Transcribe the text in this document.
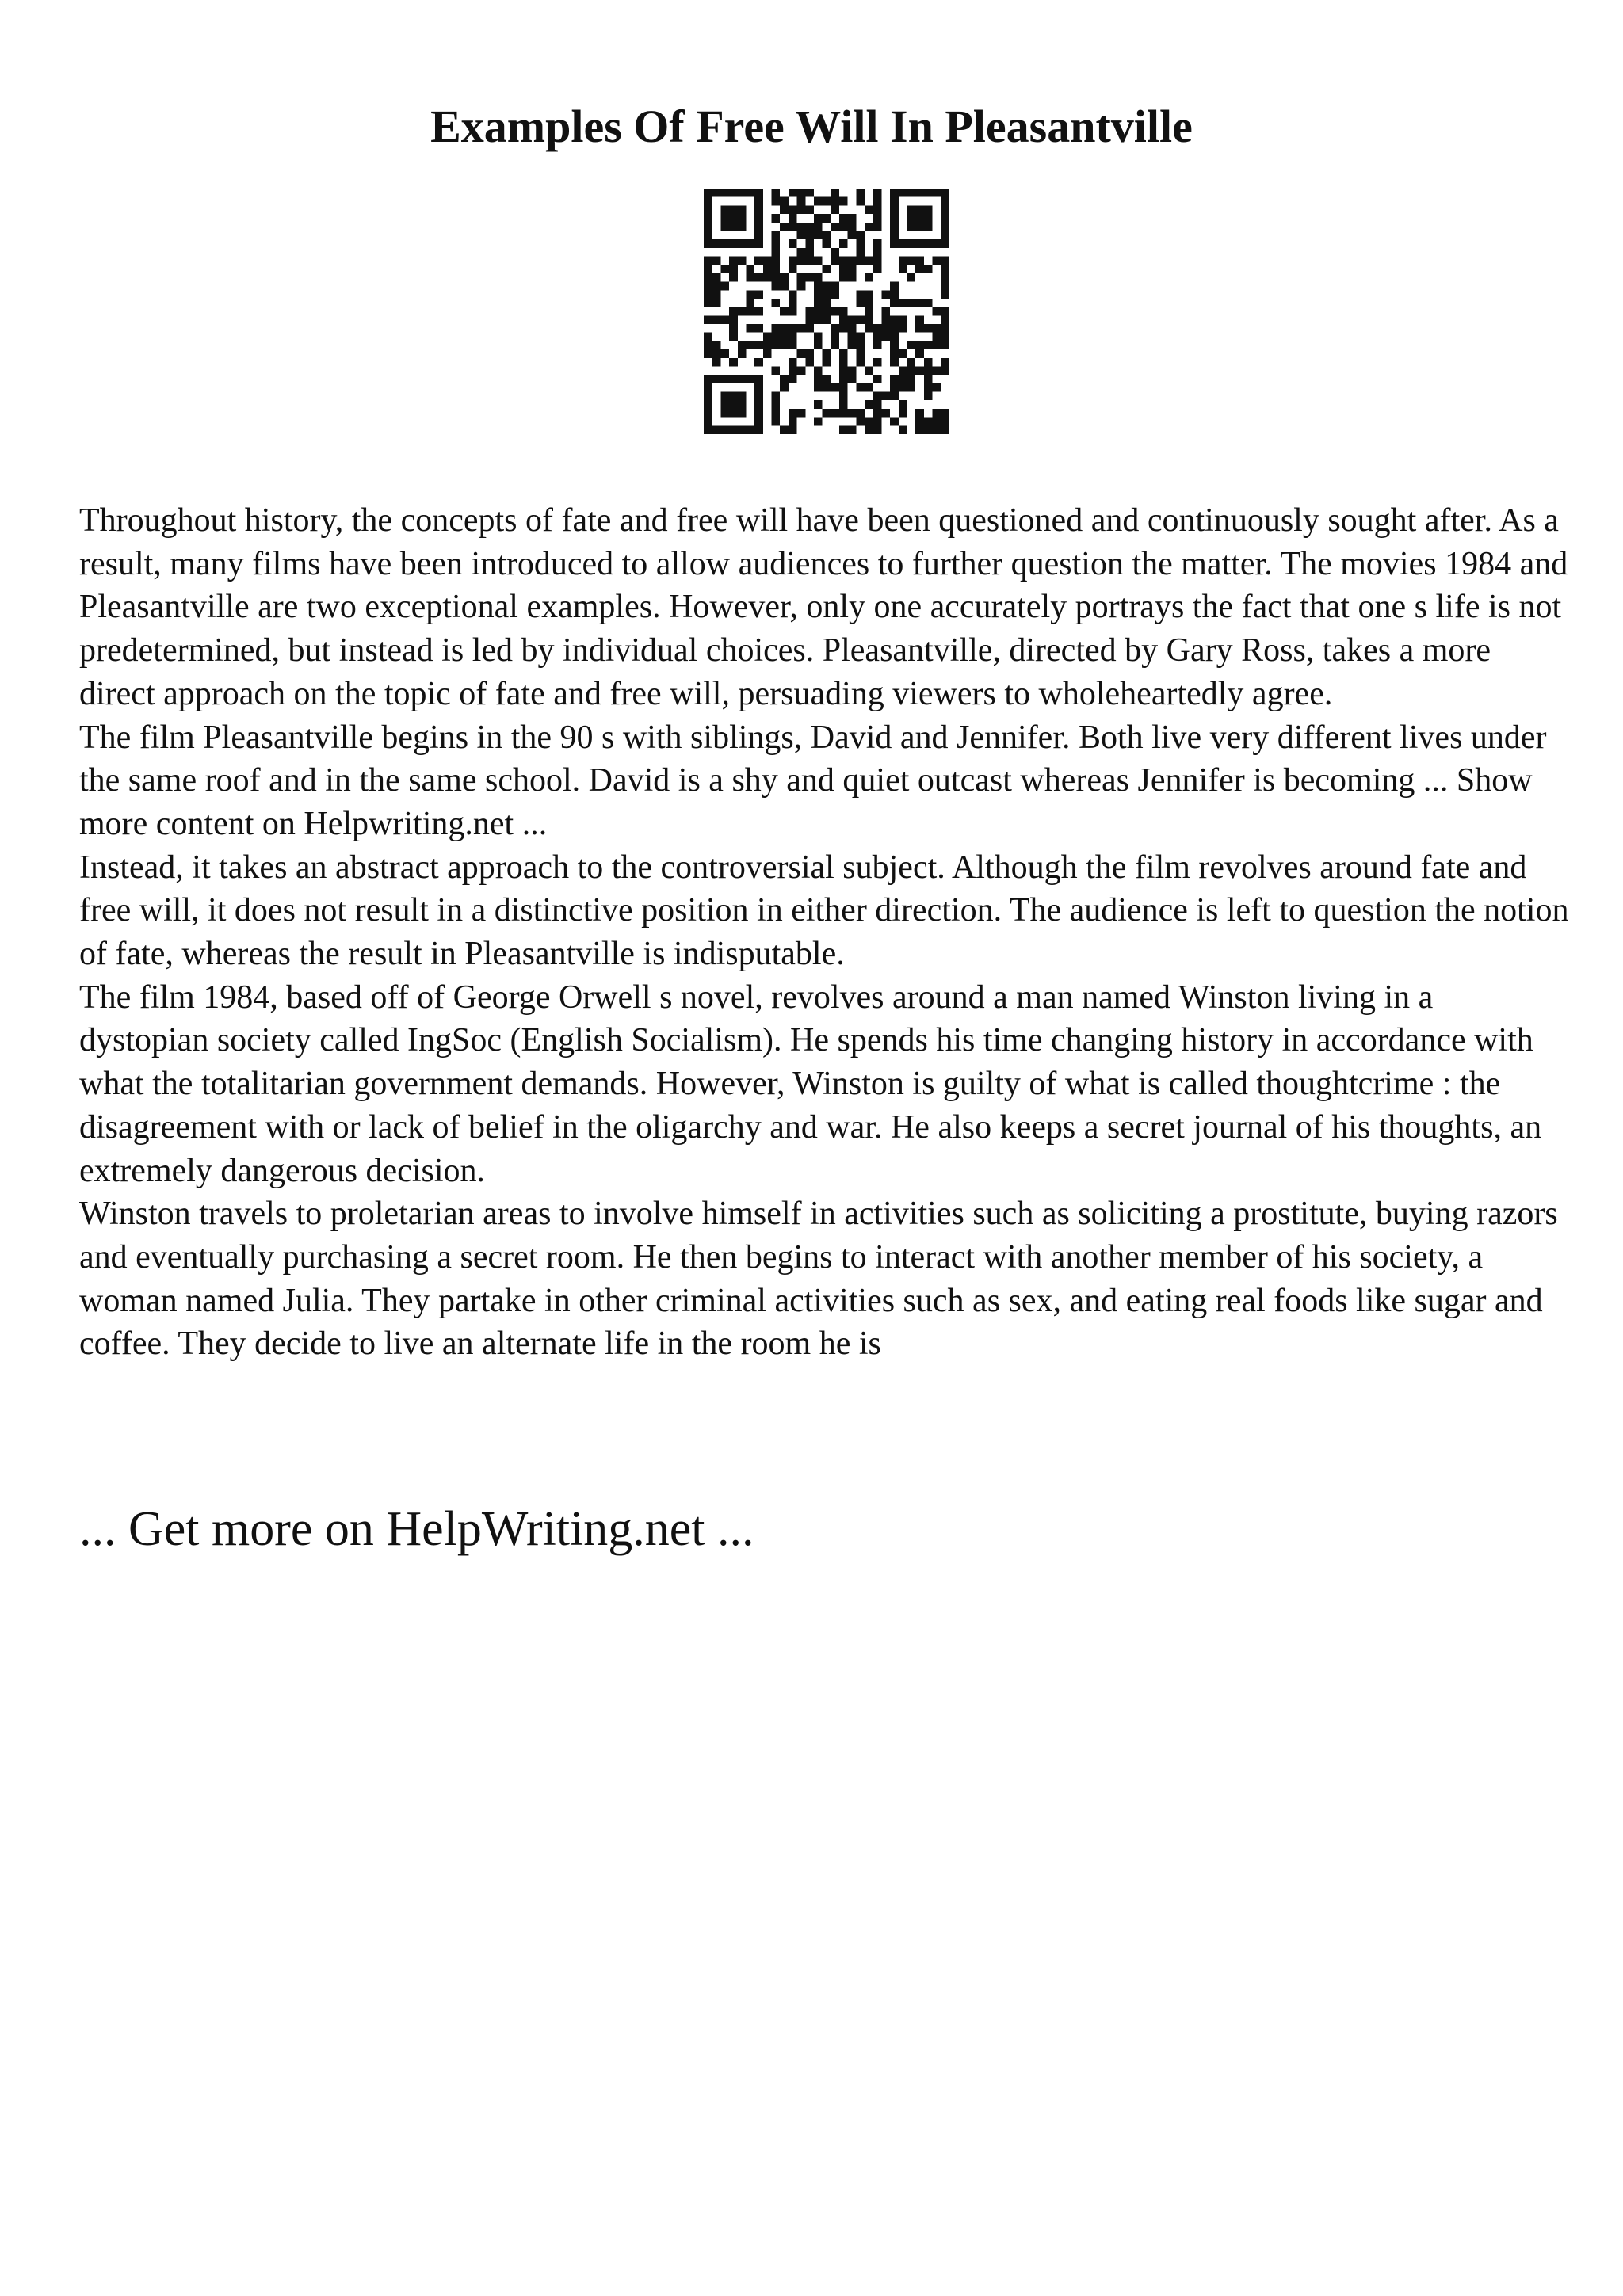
Examples Of Free Will In Pleasantville

Throughout history, the concepts of fate and free will have been questioned and continuously sought after. As a result, many films have been introduced to allow audiences to further question the matter. The movies 1984 and Pleasantville are two exceptional examples. However, only one accurately portrays the fact that one s life is not predetermined, but instead is led by individual choices. Pleasantville, directed by Gary Ross, takes a more direct approach on the topic of fate and free will, persuading viewers to wholeheartedly agree.

The film Pleasantville begins in the 90 s with siblings, David and Jennifer. Both live very different lives under the same roof and in the same school. David is a shy and quiet outcast whereas Jennifer is becoming ... Show more content on Helpwriting.net ...

Instead, it takes an abstract approach to the controversial subject. Although the film revolves around fate and free will, it does not result in a distinctive position in either direction. The audience is left to question the notion of fate, whereas the result in Pleasantville is indisputable.

The film 1984, based off of George Orwell s novel, revolves around a man named Winston living in a dystopian society called IngSoc (English Socialism). He spends his time changing history in accordance with what the totalitarian government demands. However, Winston is guilty of what is called thoughtcrime : the disagreement with or lack of belief in the oligarchy and war. He also keeps a secret journal of his thoughts, an extremely dangerous decision.

Winston travels to proletarian areas to involve himself in activities such as soliciting a prostitute, buying razors and eventually purchasing a secret room. He then begins to interact with another member of his society, a woman named Julia. They partake in other criminal activities such as sex, and eating real foods like sugar and coffee. They decide to live an alternate life in the room he is

... Get more on HelpWriting.net ...
